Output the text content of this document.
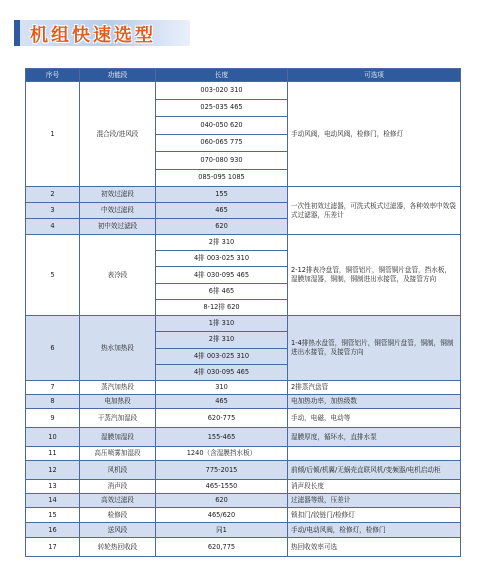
机组快速选型
序号	功能段	长度	可选项
1	混合段/进风段	003-020 310	手动风阀，电动风阀，检修门，检修灯
		025-035 465	
		040-050 620	
		060-065 775	
		070-080 930	
		085-095 1085	
2	初效过滤段	155	一次性初效过滤器，可洗式板式过滤器，各种效率中效袋式过滤器，压差计
3	中效过滤段	465	
4	初中效过滤段	620	
5	表冷段	2排 310	2-12排表冷盘管，铜管铝片，铜管铜片盘管，挡水板，湿膜加湿器，铜制，铜制进出水接管，及接管方向
		4排 003-025 310	
		4排 030-095 465	
		6排 465	
		8-12排 620	
6	热水加热段	1排 310	1-4排热水盘管，铜管铝片，铜管铜片盘管，铜制，铜制进出水接管，及接管方向
		2排 310	
		4排 003-025 310	
		4排 030-095 465	
7	蒸汽加热段	310	2排蒸汽盘管
8	电加热段	465	电加热功率，加热级数
9	干蒸汽加湿段	620-775	手动，电磁，电动等
10	湿膜加湿段	155-465	湿膜厚度，循环水，直排水泵
11	高压喷雾加湿段	1240（含湿膜挡水板）	
12	风机段	775-2015	前倾/后倾/机翼/无蜗壳直联风机/变频器/电机启动柜
13	消声段	465-1550	消声段长度
14	高效过滤段	620	过滤器等级，压差计
15	检修段	465/620	锁扣门/铰链门/检修灯
16	送风段	同1	手动/电动风阀，检修灯，检修门
17	转轮热回收段	620,775	热回收效率可选
